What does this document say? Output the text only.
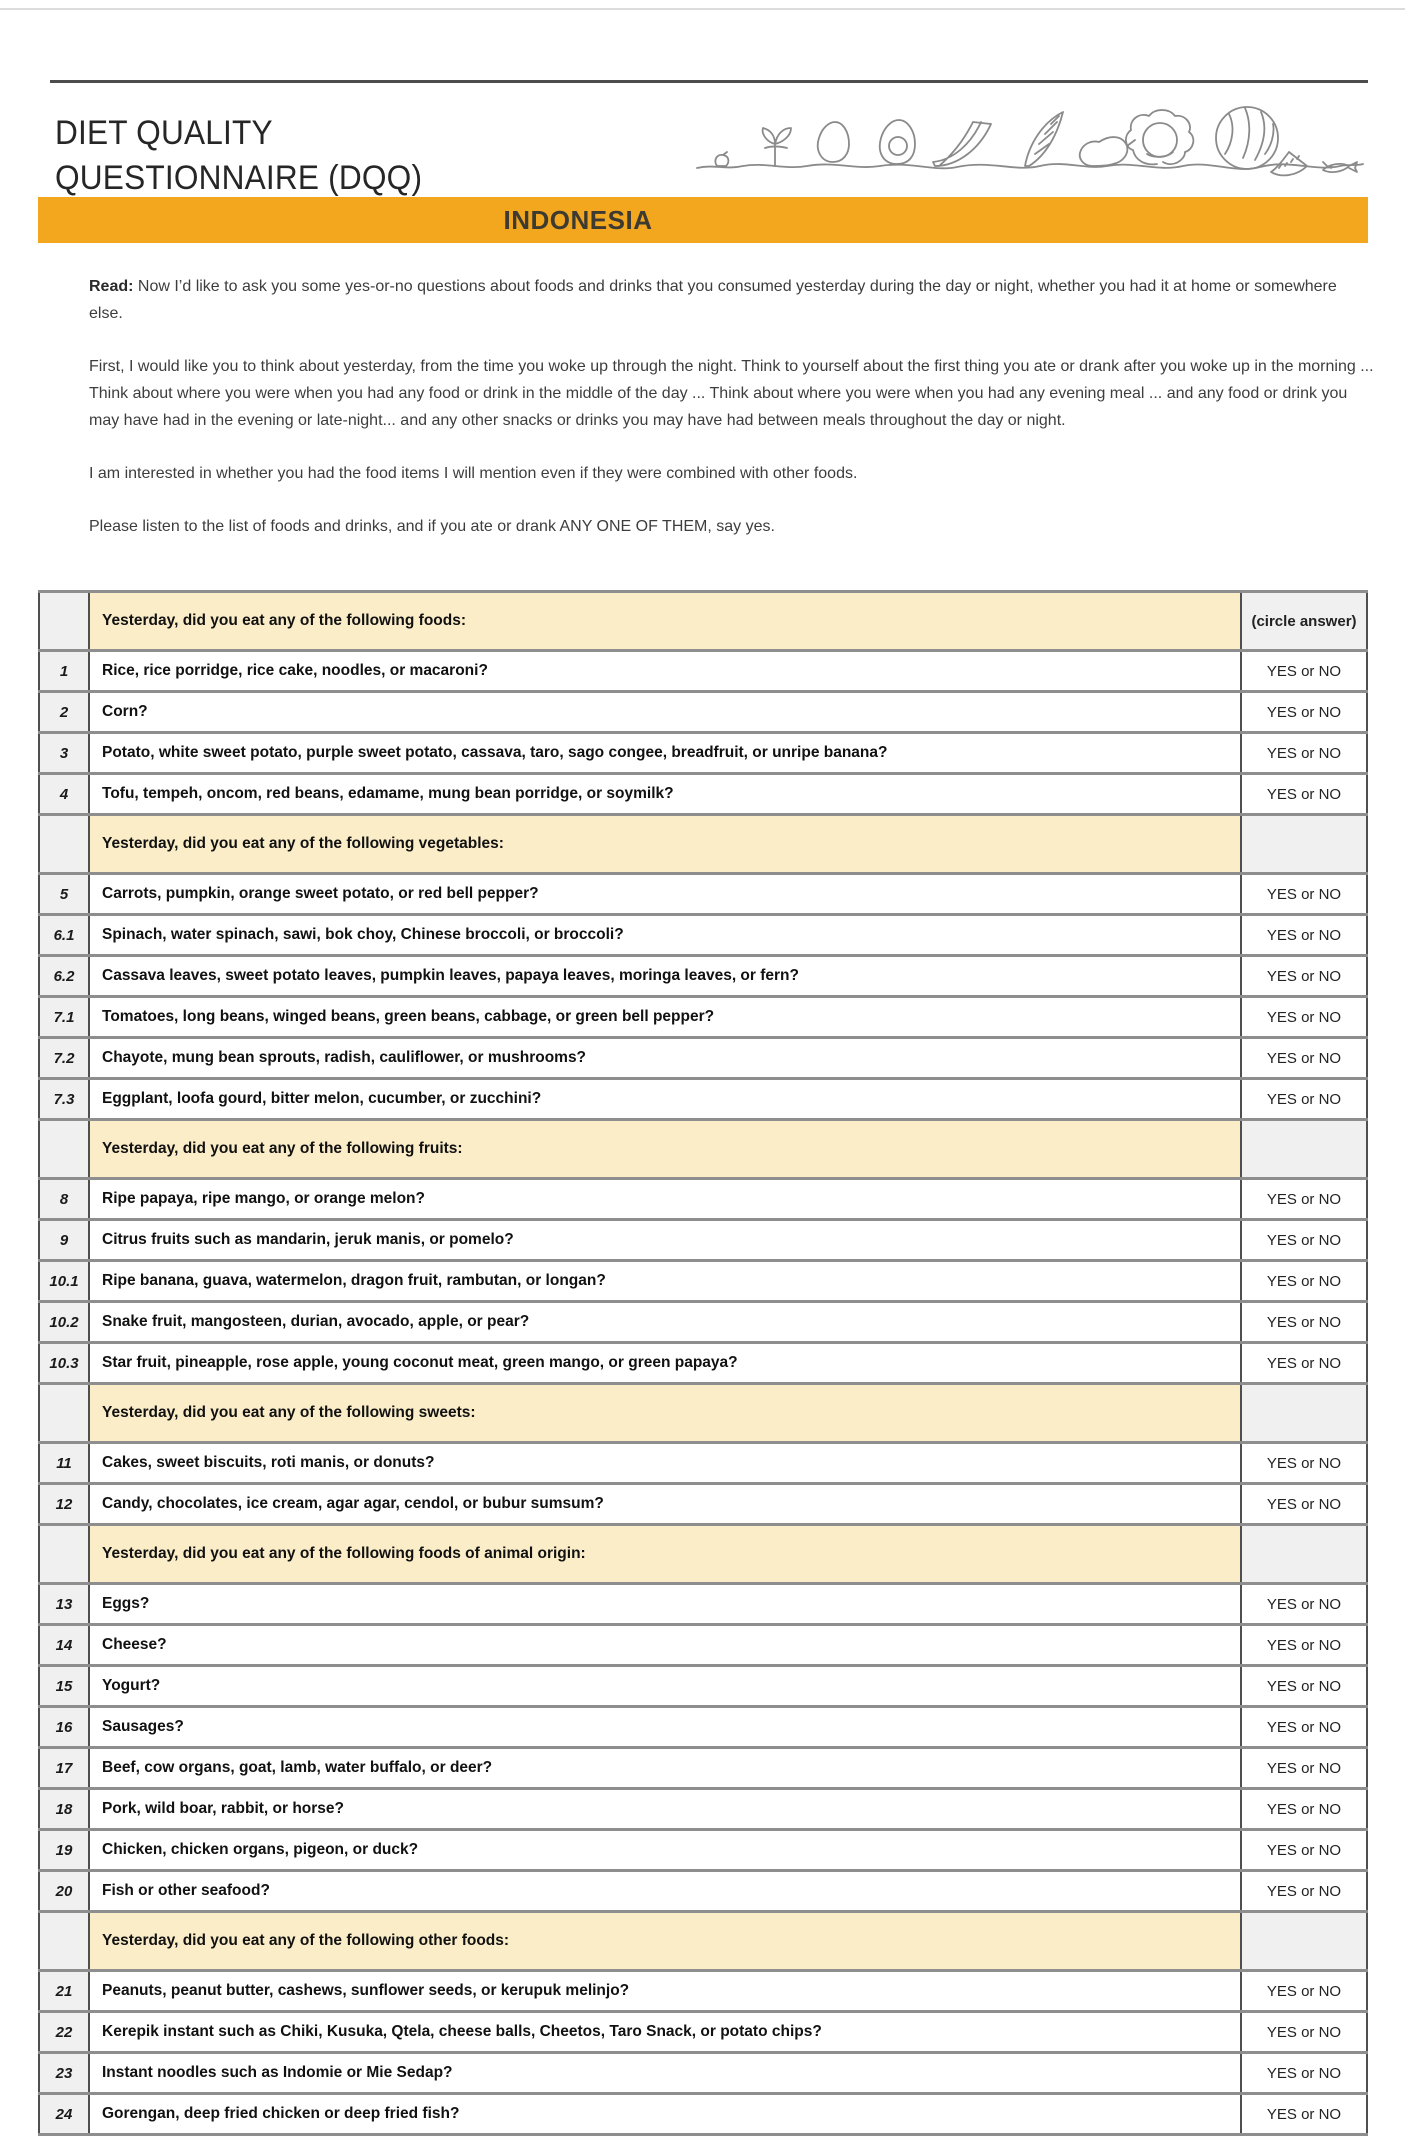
DIET QUALITY
QUESTIONNAIRE (DQQ)
INDONESIA

Read: Now I’d like to ask you some yes-or-no questions about foods and drinks that you consumed yesterday during the day or night, whether you had it at home or somewhere else.

First, I would like you to think about yesterday, from the time you woke up through the night. Think to yourself about the first thing you ate or drank after you woke up in the morning ... Think about where you were when you had any food or drink in the middle of the day ... Think about where you were when you had any evening meal ... and any food or drink you may have had in the evening or late-night... and any other snacks or drinks you may have had between meals throughout the day or night.

I am interested in whether you had the food items I will mention even if they were combined with other foods.

Please listen to the list of foods and drinks, and if you ate or drank ANY ONE OF THEM, say yes.

	Yesterday, did you eat any of the following foods:	(circle answer)
1	Rice, rice porridge, rice cake, noodles, or macaroni?	YES or NO
2	Corn?	YES or NO
3	Potato, white sweet potato, purple sweet potato, cassava, taro, sago congee, breadfruit, or unripe banana?	YES or NO
4	Tofu, tempeh, oncom, red beans, edamame, mung bean porridge, or soymilk?	YES or NO
	Yesterday, did you eat any of the following vegetables:	
5	Carrots, pumpkin, orange sweet potato, or red bell pepper?	YES or NO
6.1	Spinach, water spinach, sawi, bok choy, Chinese broccoli, or broccoli?	YES or NO
6.2	Cassava leaves, sweet potato leaves, pumpkin leaves, papaya leaves, moringa leaves, or fern?	YES or NO
7.1	Tomatoes, long beans, winged beans, green beans, cabbage, or green bell pepper?	YES or NO
7.2	Chayote, mung bean sprouts, radish, cauliflower, or mushrooms?	YES or NO
7.3	Eggplant, loofa gourd, bitter melon, cucumber, or zucchini?	YES or NO
	Yesterday, did you eat any of the following fruits:	
8	Ripe papaya, ripe mango, or orange melon?	YES or NO
9	Citrus fruits such as mandarin, jeruk manis, or pomelo?	YES or NO
10.1	Ripe banana, guava, watermelon, dragon fruit, rambutan, or longan?	YES or NO
10.2	Snake fruit, mangosteen, durian, avocado, apple, or pear?	YES or NO
10.3	Star fruit, pineapple, rose apple, young coconut meat, green mango, or green papaya?	YES or NO
	Yesterday, did you eat any of the following sweets:	
11	Cakes, sweet biscuits, roti manis, or donuts?	YES or NO
12	Candy, chocolates, ice cream, agar agar, cendol, or bubur sumsum?	YES or NO
	Yesterday, did you eat any of the following foods of animal origin:	
13	Eggs?	YES or NO
14	Cheese?	YES or NO
15	Yogurt?	YES or NO
16	Sausages?	YES or NO
17	Beef, cow organs, goat, lamb, water buffalo, or deer?	YES or NO
18	Pork, wild boar, rabbit, or horse?	YES or NO
19	Chicken, chicken organs, pigeon, or duck?	YES or NO
20	Fish or other seafood?	YES or NO
	Yesterday, did you eat any of the following other foods:	
21	Peanuts, peanut butter, cashews, sunflower seeds, or kerupuk melinjo?	YES or NO
22	Kerepik instant such as Chiki, Kusuka, Qtela, cheese balls, Cheetos, Taro Snack, or potato chips?	YES or NO
23	Instant noodles such as Indomie or Mie Sedap?	YES or NO
24	Gorengan, deep fried chicken or deep fried fish?	YES or NO
